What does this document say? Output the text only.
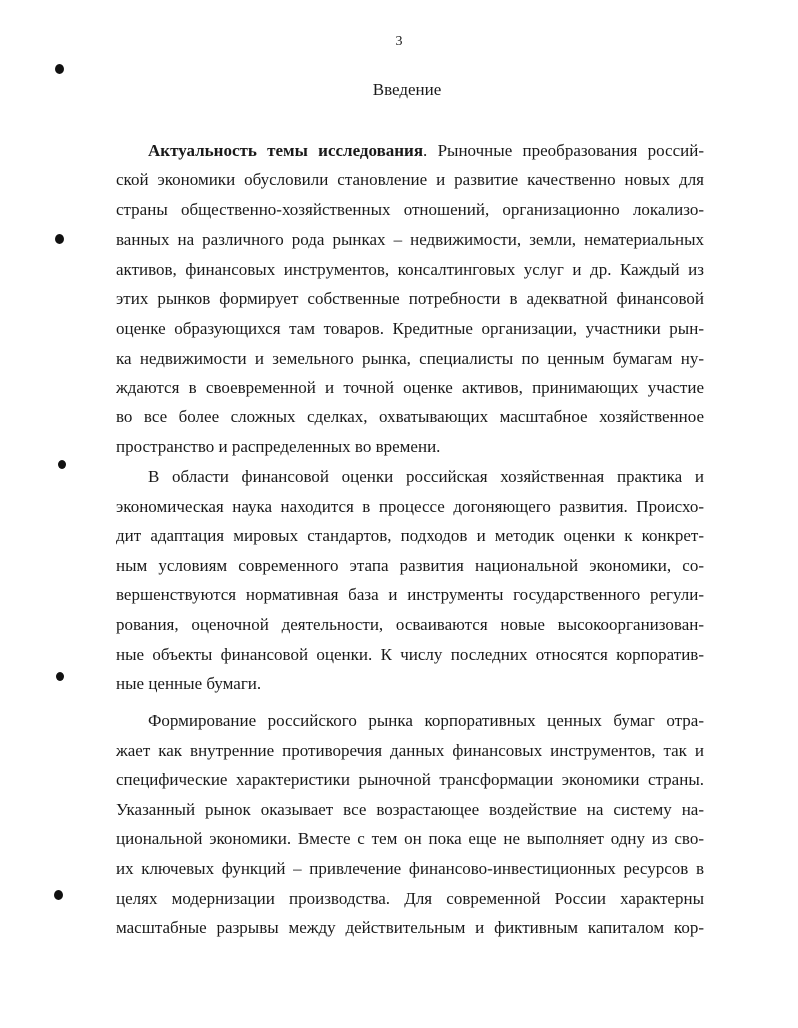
3
Введение
Актуальность темы исследования. Рыночные преобразования россий-
ской экономики обусловили становление и развитие качественно новых для
страны общественно-хозяйственных отношений, организационно локализо-
ванных на различного рода рынках – недвижимости, земли, нематериальных
активов, финансовых инструментов, консалтинговых услуг и др. Каждый из
этих рынков формирует собственные потребности в адекватной финансовой
оценке образующихся там товаров. Кредитные организации, участники рын-
ка недвижимости и земельного рынка, специалисты по ценным бумагам ну-
ждаются в своевременной и точной оценке активов, принимающих участие
во все более сложных сделках, охватывающих масштабное хозяйственное
пространство и распределенных во времени.
В области финансовой оценки российская хозяйственная практика и
экономическая наука находится в процессе догоняющего развития. Происхо-
дит адаптация мировых стандартов, подходов и методик оценки к конкрет-
ным условиям современного этапа развития национальной экономики, со-
вершенствуются нормативная база и инструменты государственного регули-
рования, оценочной деятельности, осваиваются новые высокоорганизован-
ные объекты финансовой оценки. К числу последних относятся корпоратив-
ные ценные бумаги.
Формирование российского рынка корпоративных ценных бумаг отра-
жает как внутренние противоречия данных финансовых инструментов, так и
специфические характеристики рыночной трансформации экономики страны.
Указанный рынок оказывает все возрастающее воздействие на систему на-
циональной экономики. Вместе с тем он пока еще не выполняет одну из сво-
их ключевых функций – привлечение финансово-инвестиционных ресурсов в
целях модернизации производства. Для современной России характерны
масштабные разрывы между действительным и фиктивным капиталом кор-
